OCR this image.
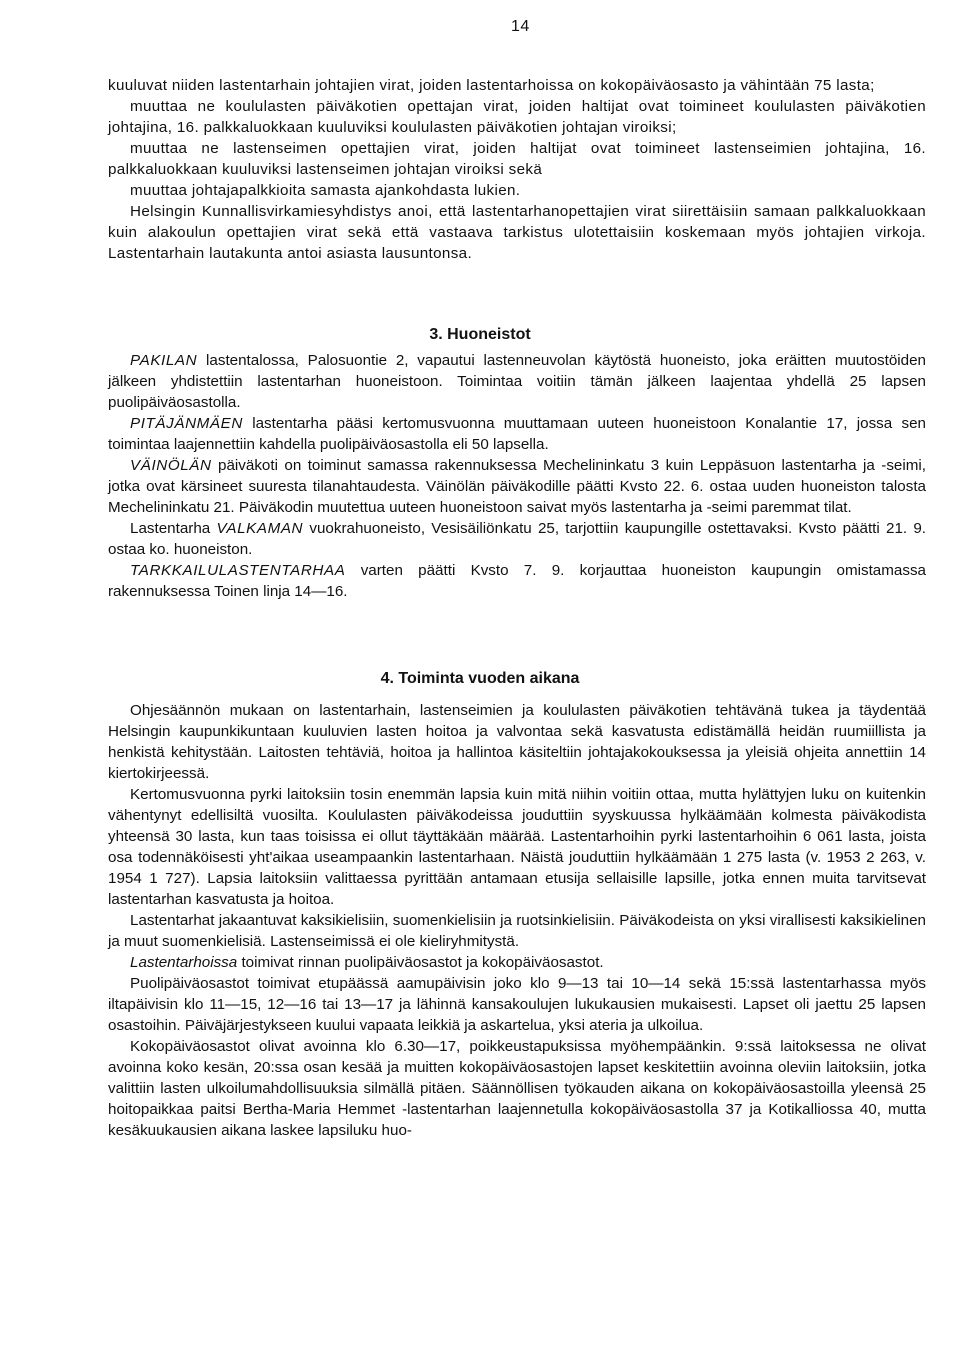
14

kuuluvat niiden lastentarhain johtajien virat, joiden lastentarhoissa on kokopäiväosasto ja vähintään 75 lasta;

muuttaa ne koululasten päiväkotien opettajan virat, joiden haltijat ovat toimineet koululasten päiväkotien johtajina, 16. palkkaluokkaan kuuluviksi koululasten päiväkotien johtajan viroiksi;

muuttaa ne lastenseimen opettajien virat, joiden haltijat ovat toimineet lastenseimien johtajina, 16. palkkaluokkaan kuuluviksi lastenseimen johtajan viroiksi sekä

muuttaa johtajapalkkioita samasta ajankohdasta lukien.

Helsingin Kunnallisvirkamiesyhdistys anoi, että lastentarhanopettajien virat siirettäisiin samaan palkkaluokkaan kuin alakoulun opettajien virat sekä että vastaava tarkistus ulotettaisiin koskemaan myös johtajien virkoja. Lastentarhain lautakunta antoi asiasta lausuntonsa.

3. Huoneistot

PAKILAN lastentalossa, Palosuontie 2, vapautui lastenneuvolan käytöstä huoneisto, joka eräitten muutostöiden jälkeen yhdistettiin lastentarhan huoneistoon. Toimintaa voitiin tämän jälkeen laajentaa yhdellä 25 lapsen puolipäiväosastolla.

PITÄJÄNMÄEN lastentarha pääsi kertomusvuonna muuttamaan uuteen huoneistoon Konalantie 17, jossa sen toimintaa laajennettiin kahdella puolipäiväosastolla eli 50 lapsella.

VÄINÖLÄN päiväkoti on toiminut samassa rakennuksessa Mechelininkatu 3 kuin Leppäsuon lastentarha ja -seimi, jotka ovat kärsineet suuresta tilanahtaudesta. Väinölän päiväkodille päätti Kvsto 22. 6. ostaa uuden huoneiston talosta Mechelininkatu 21. Päiväkodin muutettua uuteen huoneistoon saivat myös lastentarha ja -seimi paremmat tilat.

Lastentarha VALKAMAN vuokrahuoneisto, Vesisäiliönkatu 25, tarjottiin kaupungille ostettavaksi. Kvsto päätti 21. 9. ostaa ko. huoneiston.

TARKKAILULASTENTARHAA varten päätti Kvsto 7. 9. korjauttaa huoneiston kaupungin omistamassa rakennuksessa Toinen linja 14—16.

4. Toiminta vuoden aikana

Ohjesäännön mukaan on lastentarhain, lastenseimien ja koululasten päiväkotien tehtävänä tukea ja täydentää Helsingin kaupunkikuntaan kuuluvien lasten hoitoa ja valvontaa sekä kasvatusta edistämällä heidän ruumiillista ja henkistä kehitystään. Laitosten tehtäviä, hoitoa ja hallintoa käsiteltiin johtajakokouksessa ja yleisiä ohjeita annettiin 14 kiertokirjeessä.

Kertomusvuonna pyrki laitoksiin tosin enemmän lapsia kuin mitä niihin voitiin ottaa, mutta hylättyjen luku on kuitenkin vähentynyt edellisiltä vuosilta. Koululasten päiväkodeissa jouduttiin syyskuussa hylkäämään kolmesta päiväkodista yhteensä 30 lasta, kun taas toisissa ei ollut täyttäkään määrää. Lastentarhoihin pyrki lastentarhoihin 6 061 lasta, joista osa todennäköisesti yht'aikaa useampaankin lastentarhaan. Näistä jouduttiin hylkäämään 1 275 lasta (v. 1953 2 263, v. 1954 1 727). Lapsia laitoksiin valittaessa pyrittään antamaan etusija sellaisille lapsille, jotka ennen muita tarvitsevat lastentarhan kasvatusta ja hoitoa.

Lastentarhat jakaantuvat kaksikielisiin, suomenkielisiin ja ruotsinkielisiin. Päiväkodeista on yksi virallisesti kaksikielinen ja muut suomenkielisiä. Lastenseimissä ei ole kieliryhmitystä.

Lastentarhoissa toimivat rinnan puolipäiväosastot ja kokopäiväosastot.

Puolipäiväosastot toimivat etupäässä aamupäivisin joko klo 9—13 tai 10—14 sekä 15:ssä lastentarhassa myös iltapäivisin klo 11—15, 12—16 tai 13—17 ja lähinnä kansakoulujen lukukausien mukaisesti. Lapset oli jaettu 25 lapsen osastoihin. Päiväjärjestykseen kuului vapaata leikkiä ja askartelua, yksi ateria ja ulkoilua.

Kokopäiväosastot olivat avoinna klo 6.30—17, poikkeustapuksissa myöhempäänkin. 9:ssä laitoksessa ne olivat avoinna koko kesän, 20:ssa osan kesää ja muitten kokopäiväosastojen lapset keskitettiin avoinna oleviin laitoksiin, jotka valittiin lasten ulkoilumahdollisuuksia silmällä pitäen. Säännöllisen työkauden aikana on kokopäiväosastoilla yleensä 25 hoitopaikkaa paitsi Bertha-Maria Hemmet -lastentarhan laajennetulla kokopäiväosastolla 37 ja Kotikalliossa 40, mutta kesäkuukausien aikana laskee lapsiluku huo-
